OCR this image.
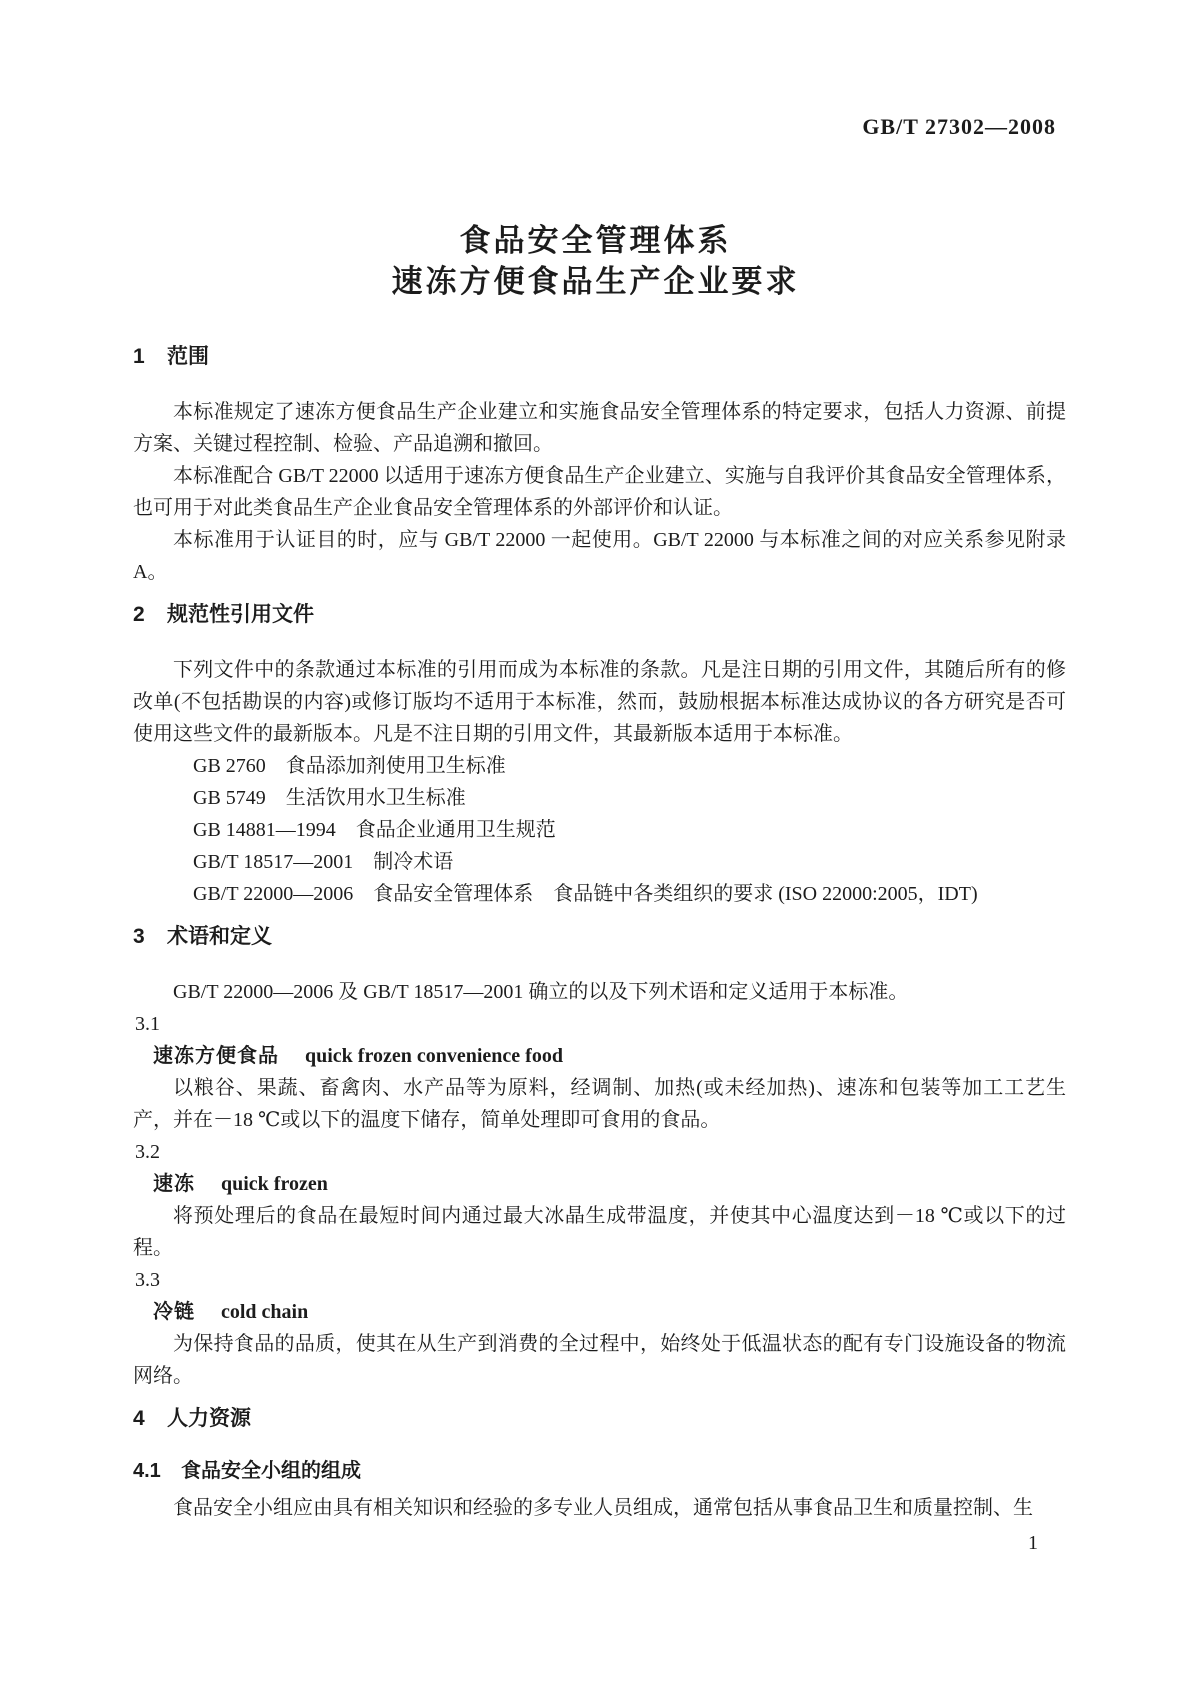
GB/T 27302—2008
食品安全管理体系
速冻方便食品生产企业要求
1 范围

本标准规定了速冻方便食品生产企业建立和实施食品安全管理体系的特定要求，包括人力资源、前提方案、关键过程控制、检验、产品追溯和撤回。

本标准配合 GB/T 22000 以适用于速冻方便食品生产企业建立、实施与自我评价其食品安全管理体系，也可用于对此类食品生产企业食品安全管理体系的外部评价和认证。

本标准用于认证目的时，应与 GB/T 22000 一起使用。GB/T 22000 与本标准之间的对应关系参见附录 A。

2 规范性引用文件

下列文件中的条款通过本标准的引用而成为本标准的条款。凡是注日期的引用文件，其随后所有的修改单(不包括勘误的内容)或修订版均不适用于本标准，然而，鼓励根据本标准达成协议的各方研究是否可使用这些文件的最新版本。凡是不注日期的引用文件，其最新版本适用于本标准。

GB 2760　食品添加剂使用卫生标准

GB 5749　生活饮用水卫生标准

GB 14881—1994　食品企业通用卫生规范

GB/T 18517—2001　制冷术语

GB/T 22000—2006　食品安全管理体系　食品链中各类组织的要求 (ISO 22000:2005，IDT)

3 术语和定义

GB/T 22000—2006 及 GB/T 18517—2001 确立的以及下列术语和定义适用于本标准。

3.1

速冻方便食品 quick frozen convenience food

以粮谷、果蔬、畜禽肉、水产品等为原料，经调制、加热(或未经加热)、速冻和包装等加工工艺生产，并在－18 ℃或以下的温度下储存，简单处理即可食用的食品。

3.2

速冻 quick frozen

将预处理后的食品在最短时间内通过最大冰晶生成带温度，并使其中心温度达到－18 ℃或以下的过程。

3.3

冷链 cold chain

为保持食品的品质，使其在从生产到消费的全过程中，始终处于低温状态的配有专门设施设备的物流网络。

4 人力资源
4.1 食品安全小组的组成

食品安全小组应由具有相关知识和经验的多专业人员组成，通常包括从事食品卫生和质量控制、生

1
